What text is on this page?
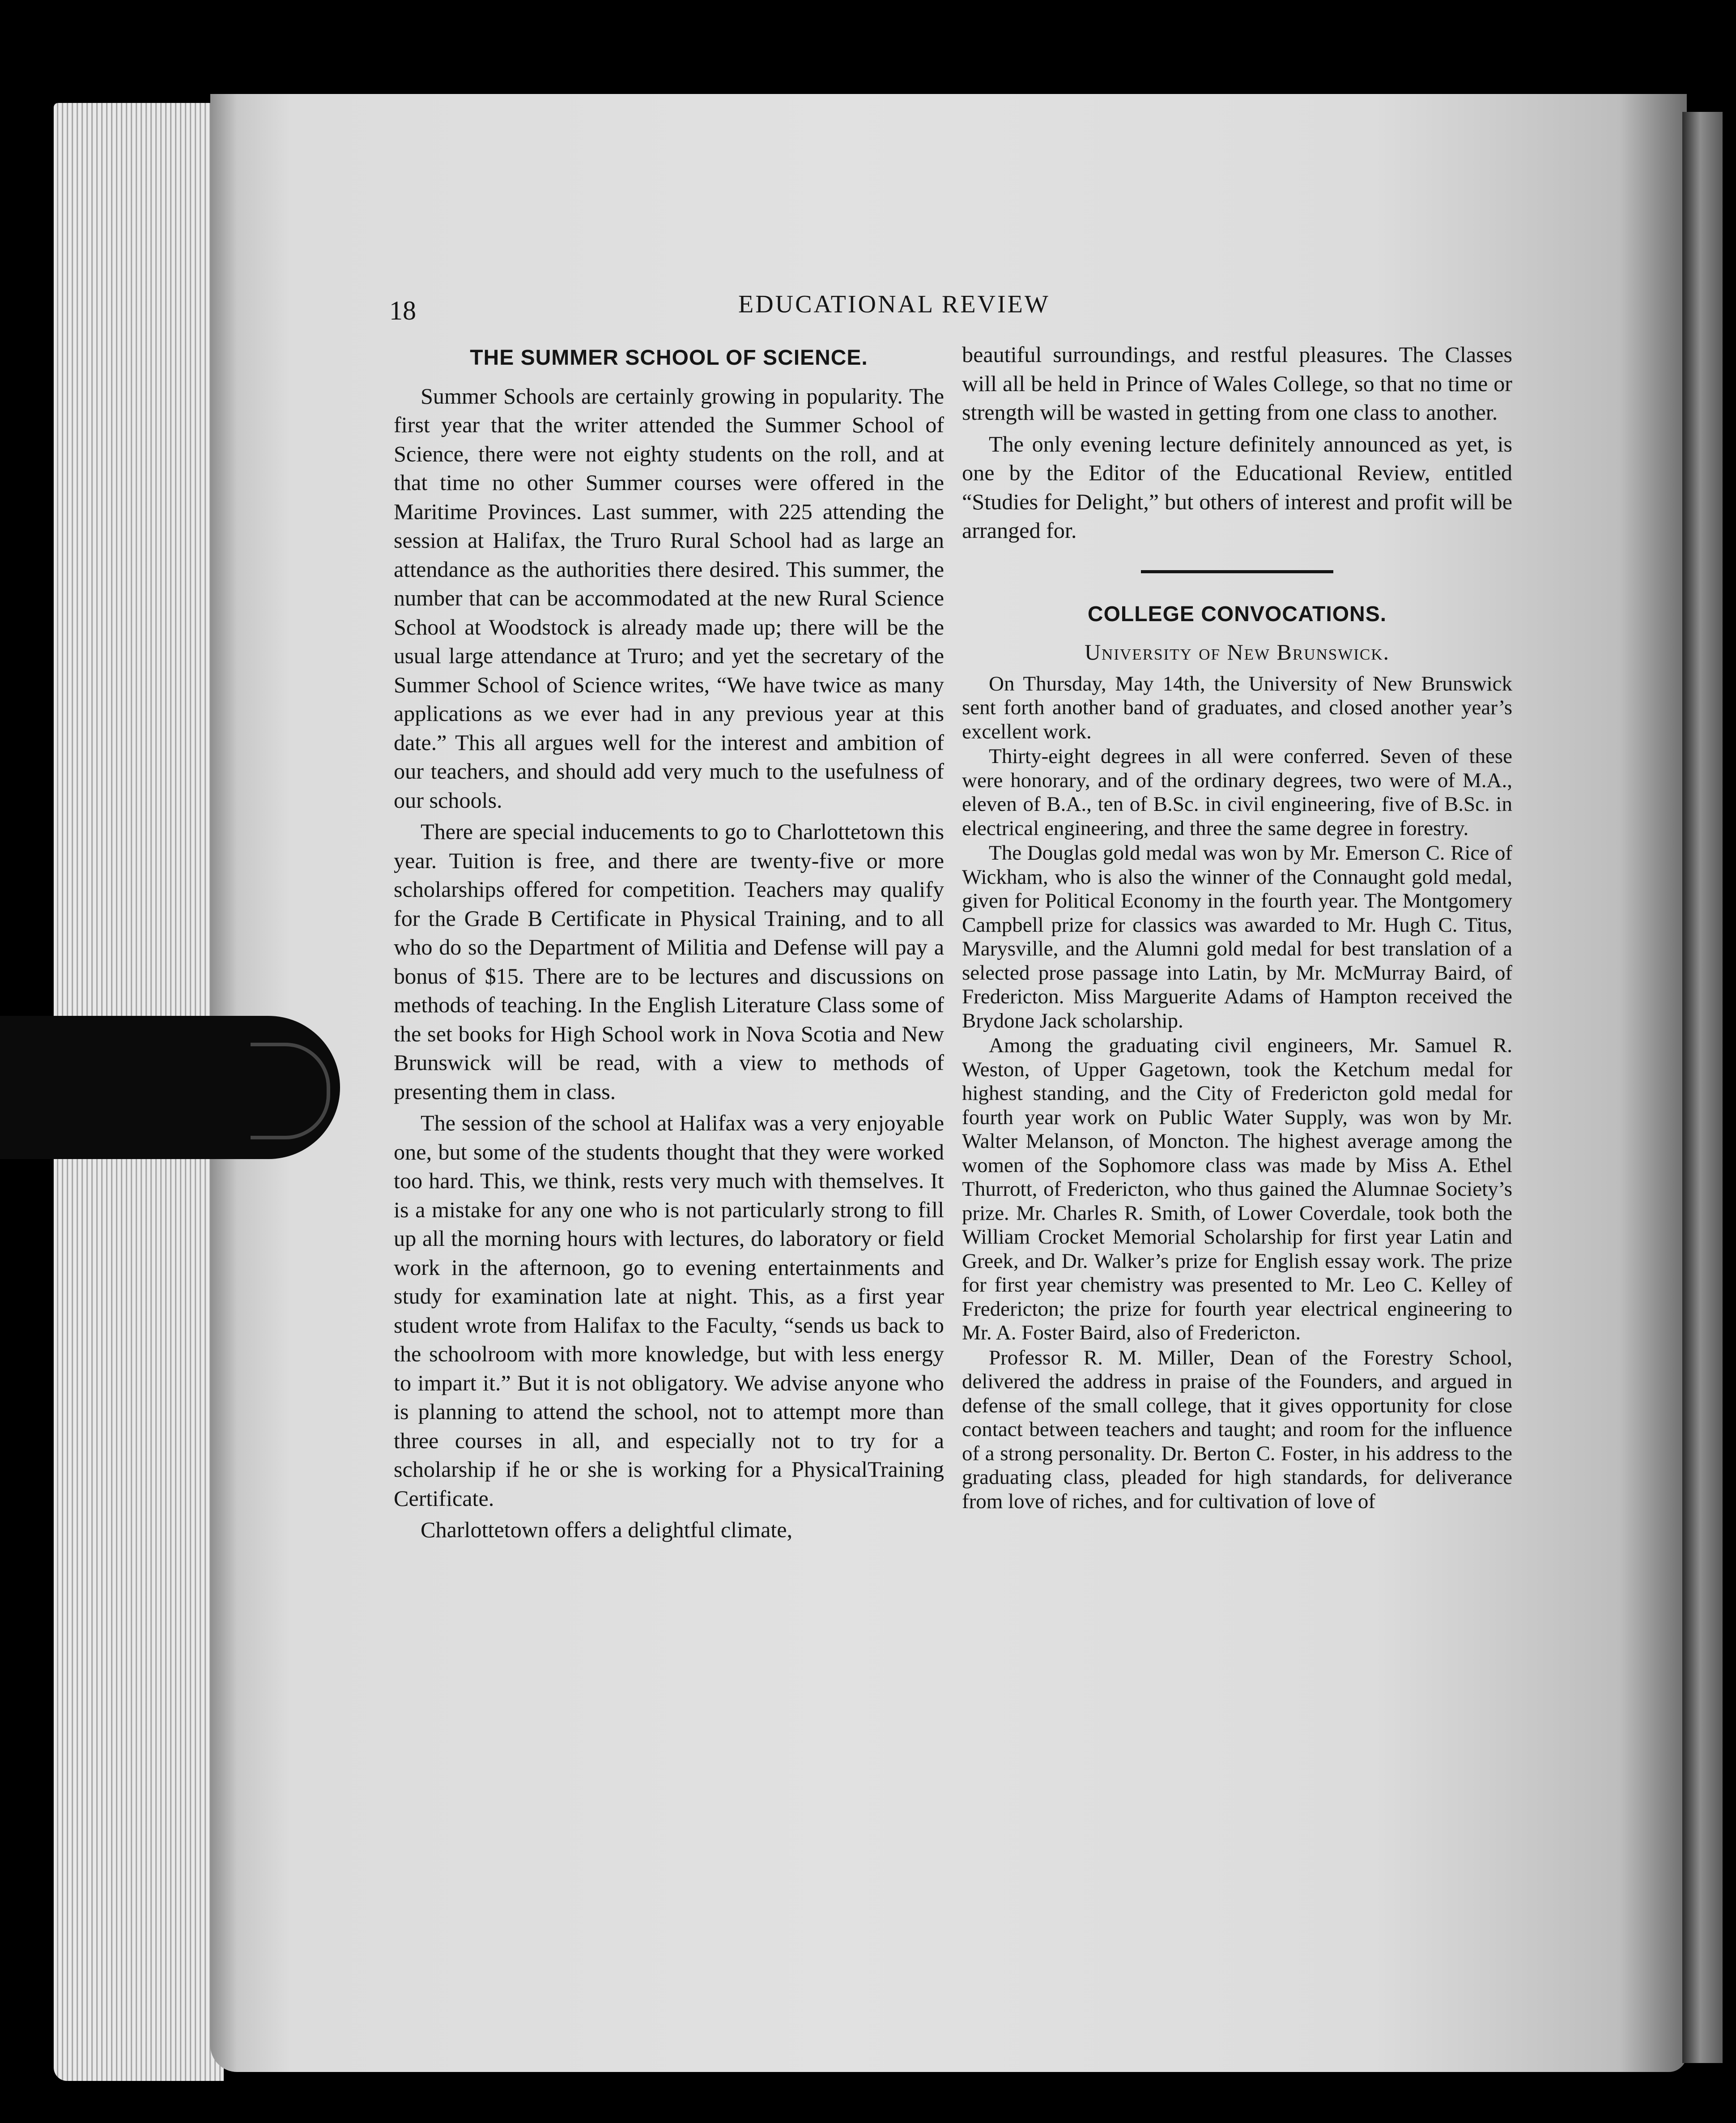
18	EDUCATIONAL REVIEW
THE SUMMER SCHOOL OF SCIENCE.

Summer Schools are certainly growing in popularity. The first year that the writer attended the Summer School of Science, there were not eighty students on the roll, and at that time no other Summer courses were offered in the Maritime Provinces. Last summer, with 225 attending the session at Halifax, the Truro Rural School had as large an attendance as the authorities there desired. This summer, the number that can be accommodated at the new Rural Science School at Woodstock is already made up; there will be the usual large attendance at Truro; and yet the secretary of the Summer School of Science writes, “We have twice as many applications as we ever had in any previous year at this date.” This all argues well for the interest and ambition of our teachers, and should add very much to the usefulness of our schools.

There are special inducements to go to Charlottetown this year. Tuition is free, and there are twenty-five or more scholarships offered for competition. Teachers may qualify for the Grade B Certificate in Physical Training, and to all who do so the Department of Militia and Defense will pay a bonus of $15. There are to be lectures and discussions on methods of teaching. In the English Literature Class some of the set books for High School work in Nova Scotia and New Brunswick will be read, with a view to methods of presenting them in class.

The session of the school at Halifax was a very enjoyable one, but some of the students thought that they were worked too hard. This, we think, rests very much with themselves. It is a mistake for any one who is not particularly strong to fill up all the morning hours with lectures, do laboratory or field work in the afternoon, go to evening entertainments and study for examination late at night. This, as a first year student wrote from Halifax to the Faculty, “sends us back to the schoolroom with more knowledge, but with less energy to impart it.” But it is not obligatory. We advise anyone who is planning to attend the school, not to attempt more than three courses in all, and especially not to try for a scholarship if he or she is working for a PhysicalTraining Certificate.

Charlottetown offers a delightful climate,

beautiful surroundings, and restful pleasures. The Classes will all be held in Prince of Wales College, so that no time or strength will be wasted in getting from one class to another.

The only evening lecture definitely announced as yet, is one by the Editor of the Educational Review, entitled “Studies for Delight,” but others of interest and profit will be arranged for.

COLLEGE CONVOCATIONS.
University of New Brunswick.

On Thursday, May 14th, the University of New Brunswick sent forth another band of graduates, and closed another year’s excellent work.

Thirty-eight degrees in all were conferred. Seven of these were honorary, and of the ordinary degrees, two were of M.A., eleven of B.A., ten of B.Sc. in civil engineering, five of B.Sc. in electrical engineering, and three the same degree in forestry.

The Douglas gold medal was won by Mr. Emerson C. Rice of Wickham, who is also the winner of the Connaught gold medal, given for Political Economy in the fourth year. The Montgomery Campbell prize for classics was awarded to Mr. Hugh C. Titus, Marysville, and the Alumni gold medal for best translation of a selected prose passage into Latin, by Mr. McMurray Baird, of Fredericton. Miss Marguerite Adams of Hampton received the Brydone Jack scholarship.

Among the graduating civil engineers, Mr. Samuel R. Weston, of Upper Gagetown, took the Ketchum medal for highest standing, and the City of Fredericton gold medal for fourth year work on Public Water Supply, was won by Mr. Walter Melanson, of Moncton. The highest average among the women of the Sophomore class was made by Miss A. Ethel Thurrott, of Fredericton, who thus gained the Alumnae Society’s prize. Mr. Charles R. Smith, of Lower Coverdale, took both the William Crocket Memorial Scholarship for first year Latin and Greek, and Dr. Walker’s prize for English essay work. The prize for first year chemistry was presented to Mr. Leo C. Kelley of Fredericton; the prize for fourth year electrical engineering to Mr. A. Foster Baird, also of Fredericton.

Professor R. M. Miller, Dean of the Forestry School, delivered the address in praise of the Founders, and argued in defense of the small college, that it gives opportunity for close contact between teachers and taught; and room for the influence of a strong personality. Dr. Berton C. Foster, in his address to the graduating class, pleaded for high standards, for deliverance from love of riches, and for cultivation of love of
